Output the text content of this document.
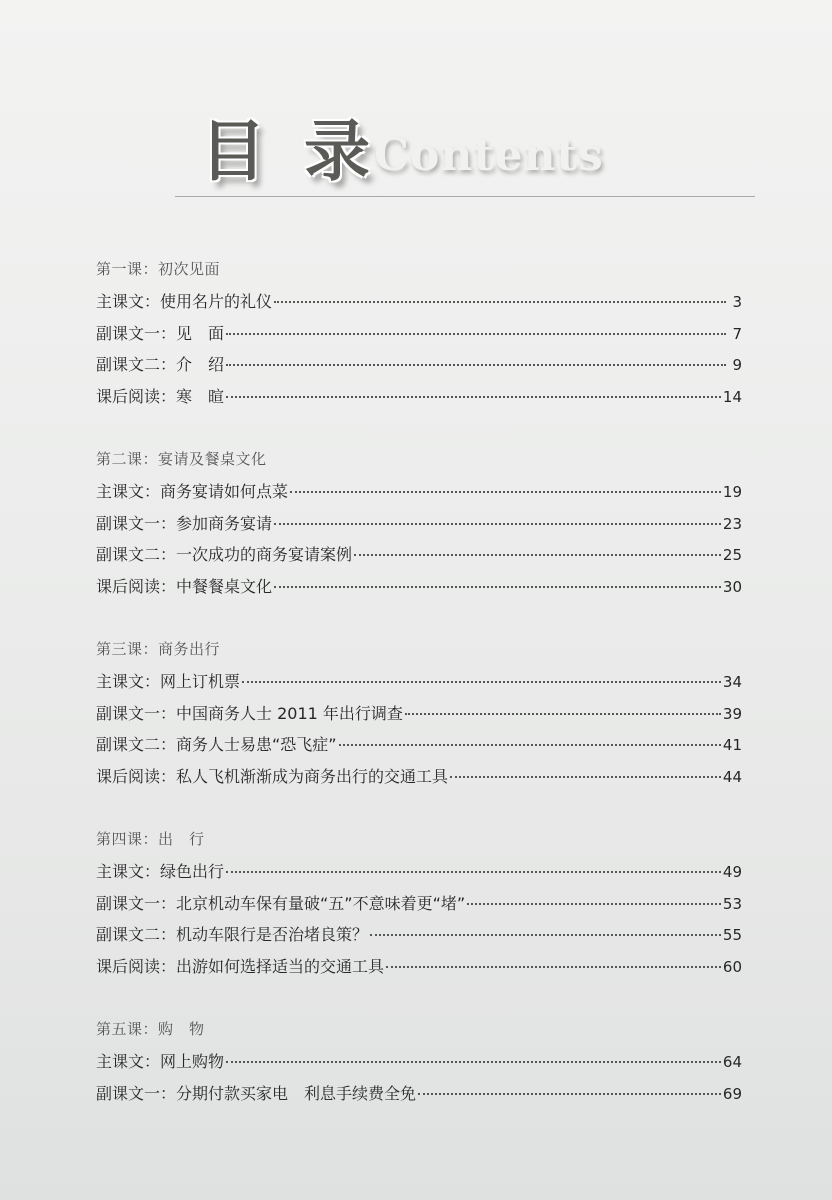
目录
Contents
第一课：初次见面
主课文：使用名片的礼仪	3
副课文一：见　面	7
副课文二：介　绍	9
课后阅读：寒　暄	14
第二课：宴请及餐桌文化
主课文：商务宴请如何点菜	19
副课文一：参加商务宴请	23
副课文二：一次成功的商务宴请案例	25
课后阅读：中餐餐桌文化	30
第三课：商务出行
主课文：网上订机票	34
副课文一：中国商务人士 2011 年出行调查	39
副课文二：商务人士易患“恐飞症”	41
课后阅读：私人飞机渐渐成为商务出行的交通工具	44
第四课：出　行
主课文：绿色出行	49
副课文一：北京机动车保有量破“五”不意味着更“堵”	53
副课文二：机动车限行是否治堵良策？	55
课后阅读：出游如何选择适当的交通工具	60
第五课：购　物
主课文：网上购物	64
副课文一：分期付款买家电　利息手续费全免	69
